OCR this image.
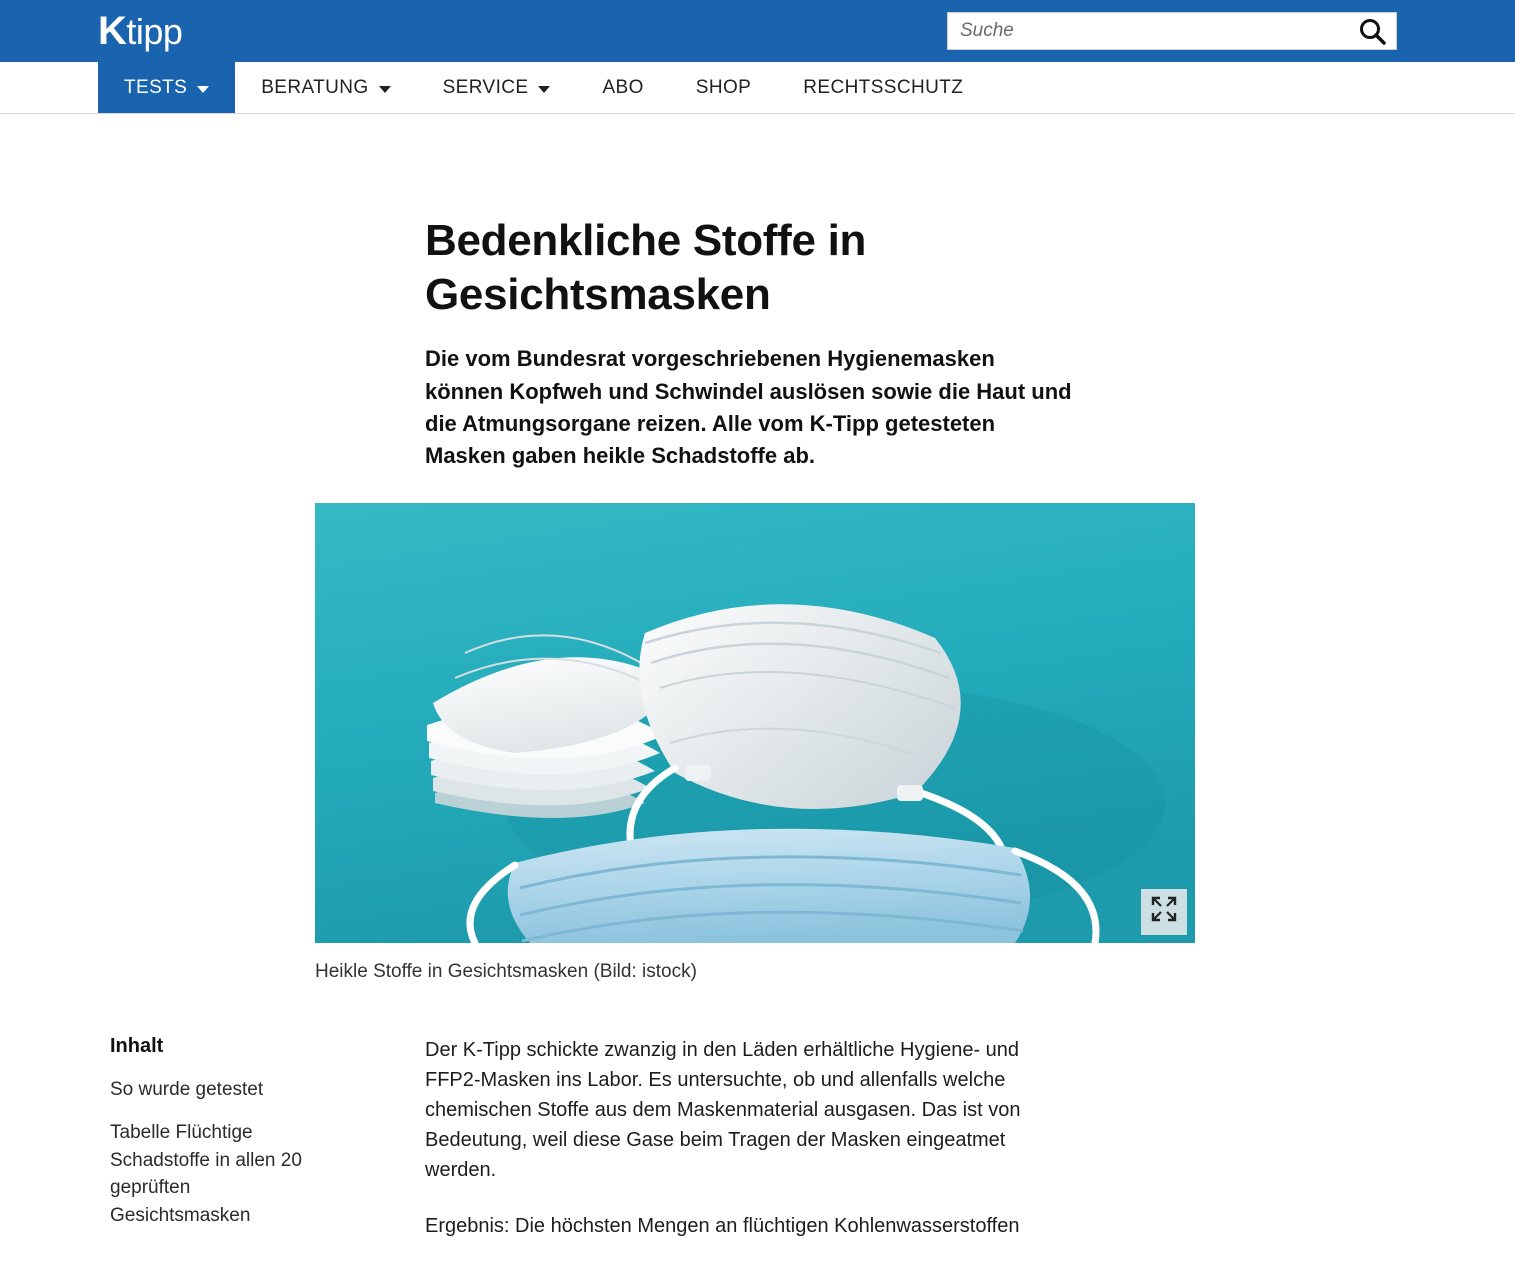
Ktipp
Suche
TESTS	BERATUNG	SERVICE	ABO	SHOP	RECHTSSCHUTZ
Bedenkliche Stoffe in Gesichtsmasken

Die vom Bundesrat vorgeschriebenen Hygienemasken können Kopfweh und Schwindel auslösen sowie die Haut und die Atmungsorgane reizen. Alle vom K-Tipp getesteten Masken gaben heikle Schadstoffe ab.

Heikle Stoffe in Gesichtsmasken (Bild: istock)
Inhalt
So wurde getestet
Tabelle Flüchtige Schadstoffe in allen 20 geprüften Gesichtsmasken

Der K-Tipp schickte zwanzig in den Läden erhältliche Hygiene- und FFP2-Masken ins Labor. Es untersuchte, ob und allenfalls welche chemischen Stoffe aus dem Maskenmaterial ausgasen. Das ist von Bedeutung, weil diese Gase beim Tragen der Masken eingeatmet werden.

Ergebnis: Die höchsten Mengen an flüchtigen Kohlenwasserstoffen
